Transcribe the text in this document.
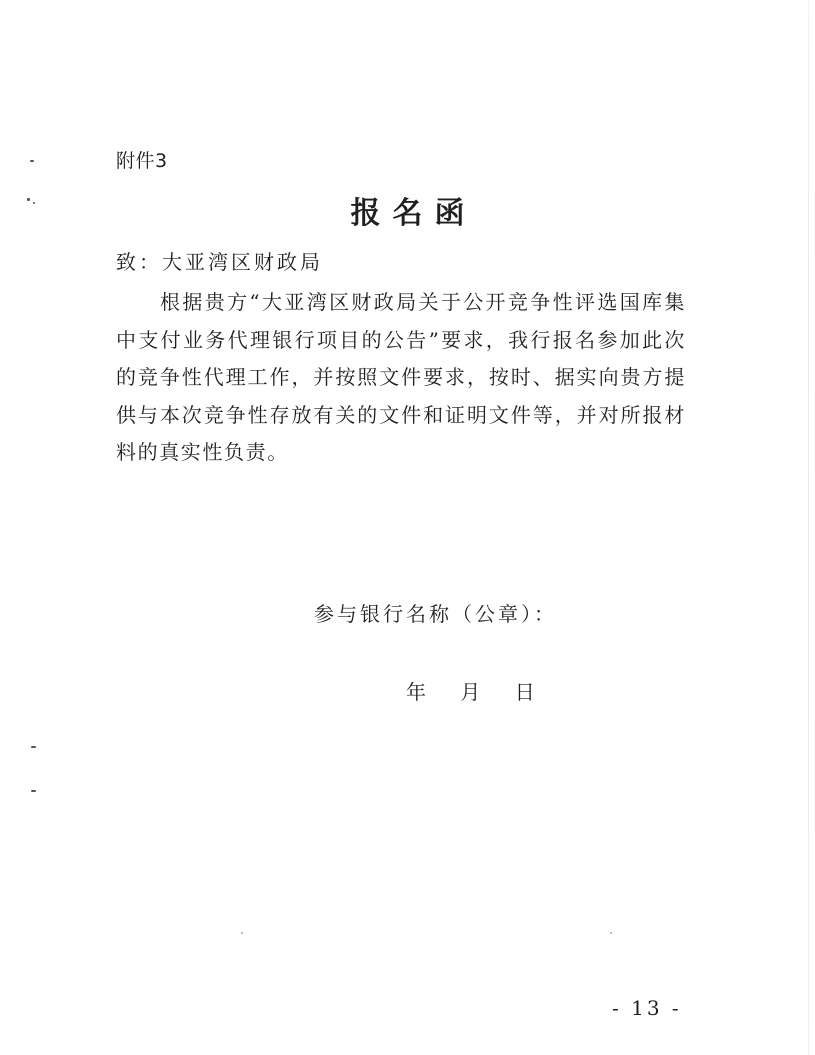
附件3
报名函
致：大亚湾区财政局

根据贵方“大亚湾区财政局关于公开竞争性评选国库集中支付业务代理银行项目的公告”要求，我行报名参加此次的竞争性代理工作，并按照文件要求，按时、据实向贵方提供与本次竞争性存放有关的文件和证明文件等，并对所报材料的真实性负责。

参与银行名称（公章）：
年 月 日
- 13 -
